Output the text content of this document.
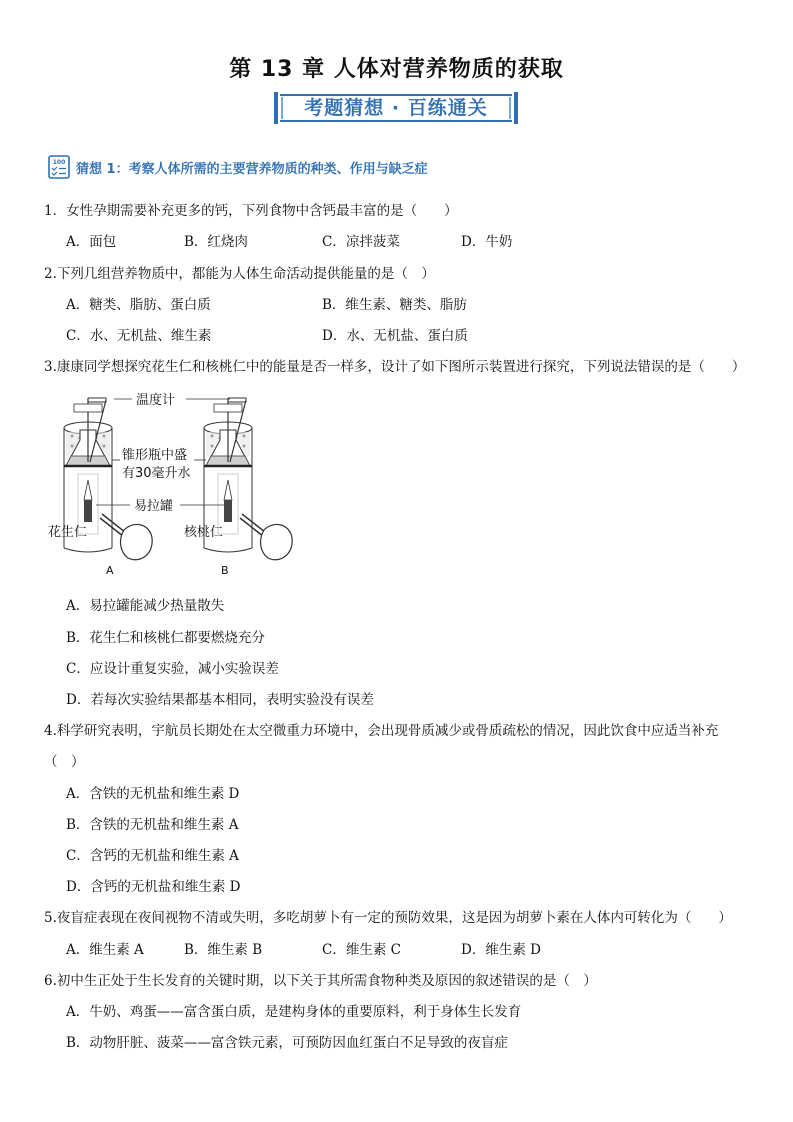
第 13 章 人体对营养物质的获取
考题猜想 · 百练通关
100 猜想 1：考察人体所需的主要营养物质的种类、作用与缺乏症
1．女性孕期需要补充更多的钙，下列食物中含钙最丰富的是（　　）
A．面包	B．红烧肉	C．凉拌菠菜	D．牛奶
2.下列几组营养物质中，都能为人体生命活动提供能量的是（　）
A．糖类、脂肪、蛋白质	B．维生素、糖类、脂肪
C．水、无机盐、维生素	D．水、无机盐、蛋白质
3.康康同学想探究花生仁和核桃仁中的能量是否一样多，设计了如下图所示装置进行探究，下列说法错误的是（　　）
温度计
锥形瓶中盛
有30毫升水
易拉罐
花生仁	核桃仁
A	B
A．易拉罐能减少热量散失
B．花生仁和核桃仁都要燃烧充分
C．应设计重复实验，减小实验误差
D．若每次实验结果都基本相同，表明实验没有误差
4.科学研究表明，宇航员长期处在太空微重力环境中，会出现骨质减少或骨质疏松的情况，因此饮食中应适当补充
（　）
A．含铁的无机盐和维生素 D
B．含铁的无机盐和维生素 A
C．含钙的无机盐和维生素 A
D．含钙的无机盐和维生素 D
5.夜盲症表现在夜间视物不清或失明，多吃胡萝卜有一定的预防效果，这是因为胡萝卜素在人体内可转化为（　　）
A．维生素 A	B．维生素 B	C．维生素 C	D．维生素 D
6.初中生正处于生长发育的关键时期，以下关于其所需食物种类及原因的叙述错误的是（　）
A．牛奶、鸡蛋——富含蛋白质，是建构身体的重要原料，利于身体生长发育
B．动物肝脏、菠菜——富含铁元素，可预防因血红蛋白不足导致的夜盲症
